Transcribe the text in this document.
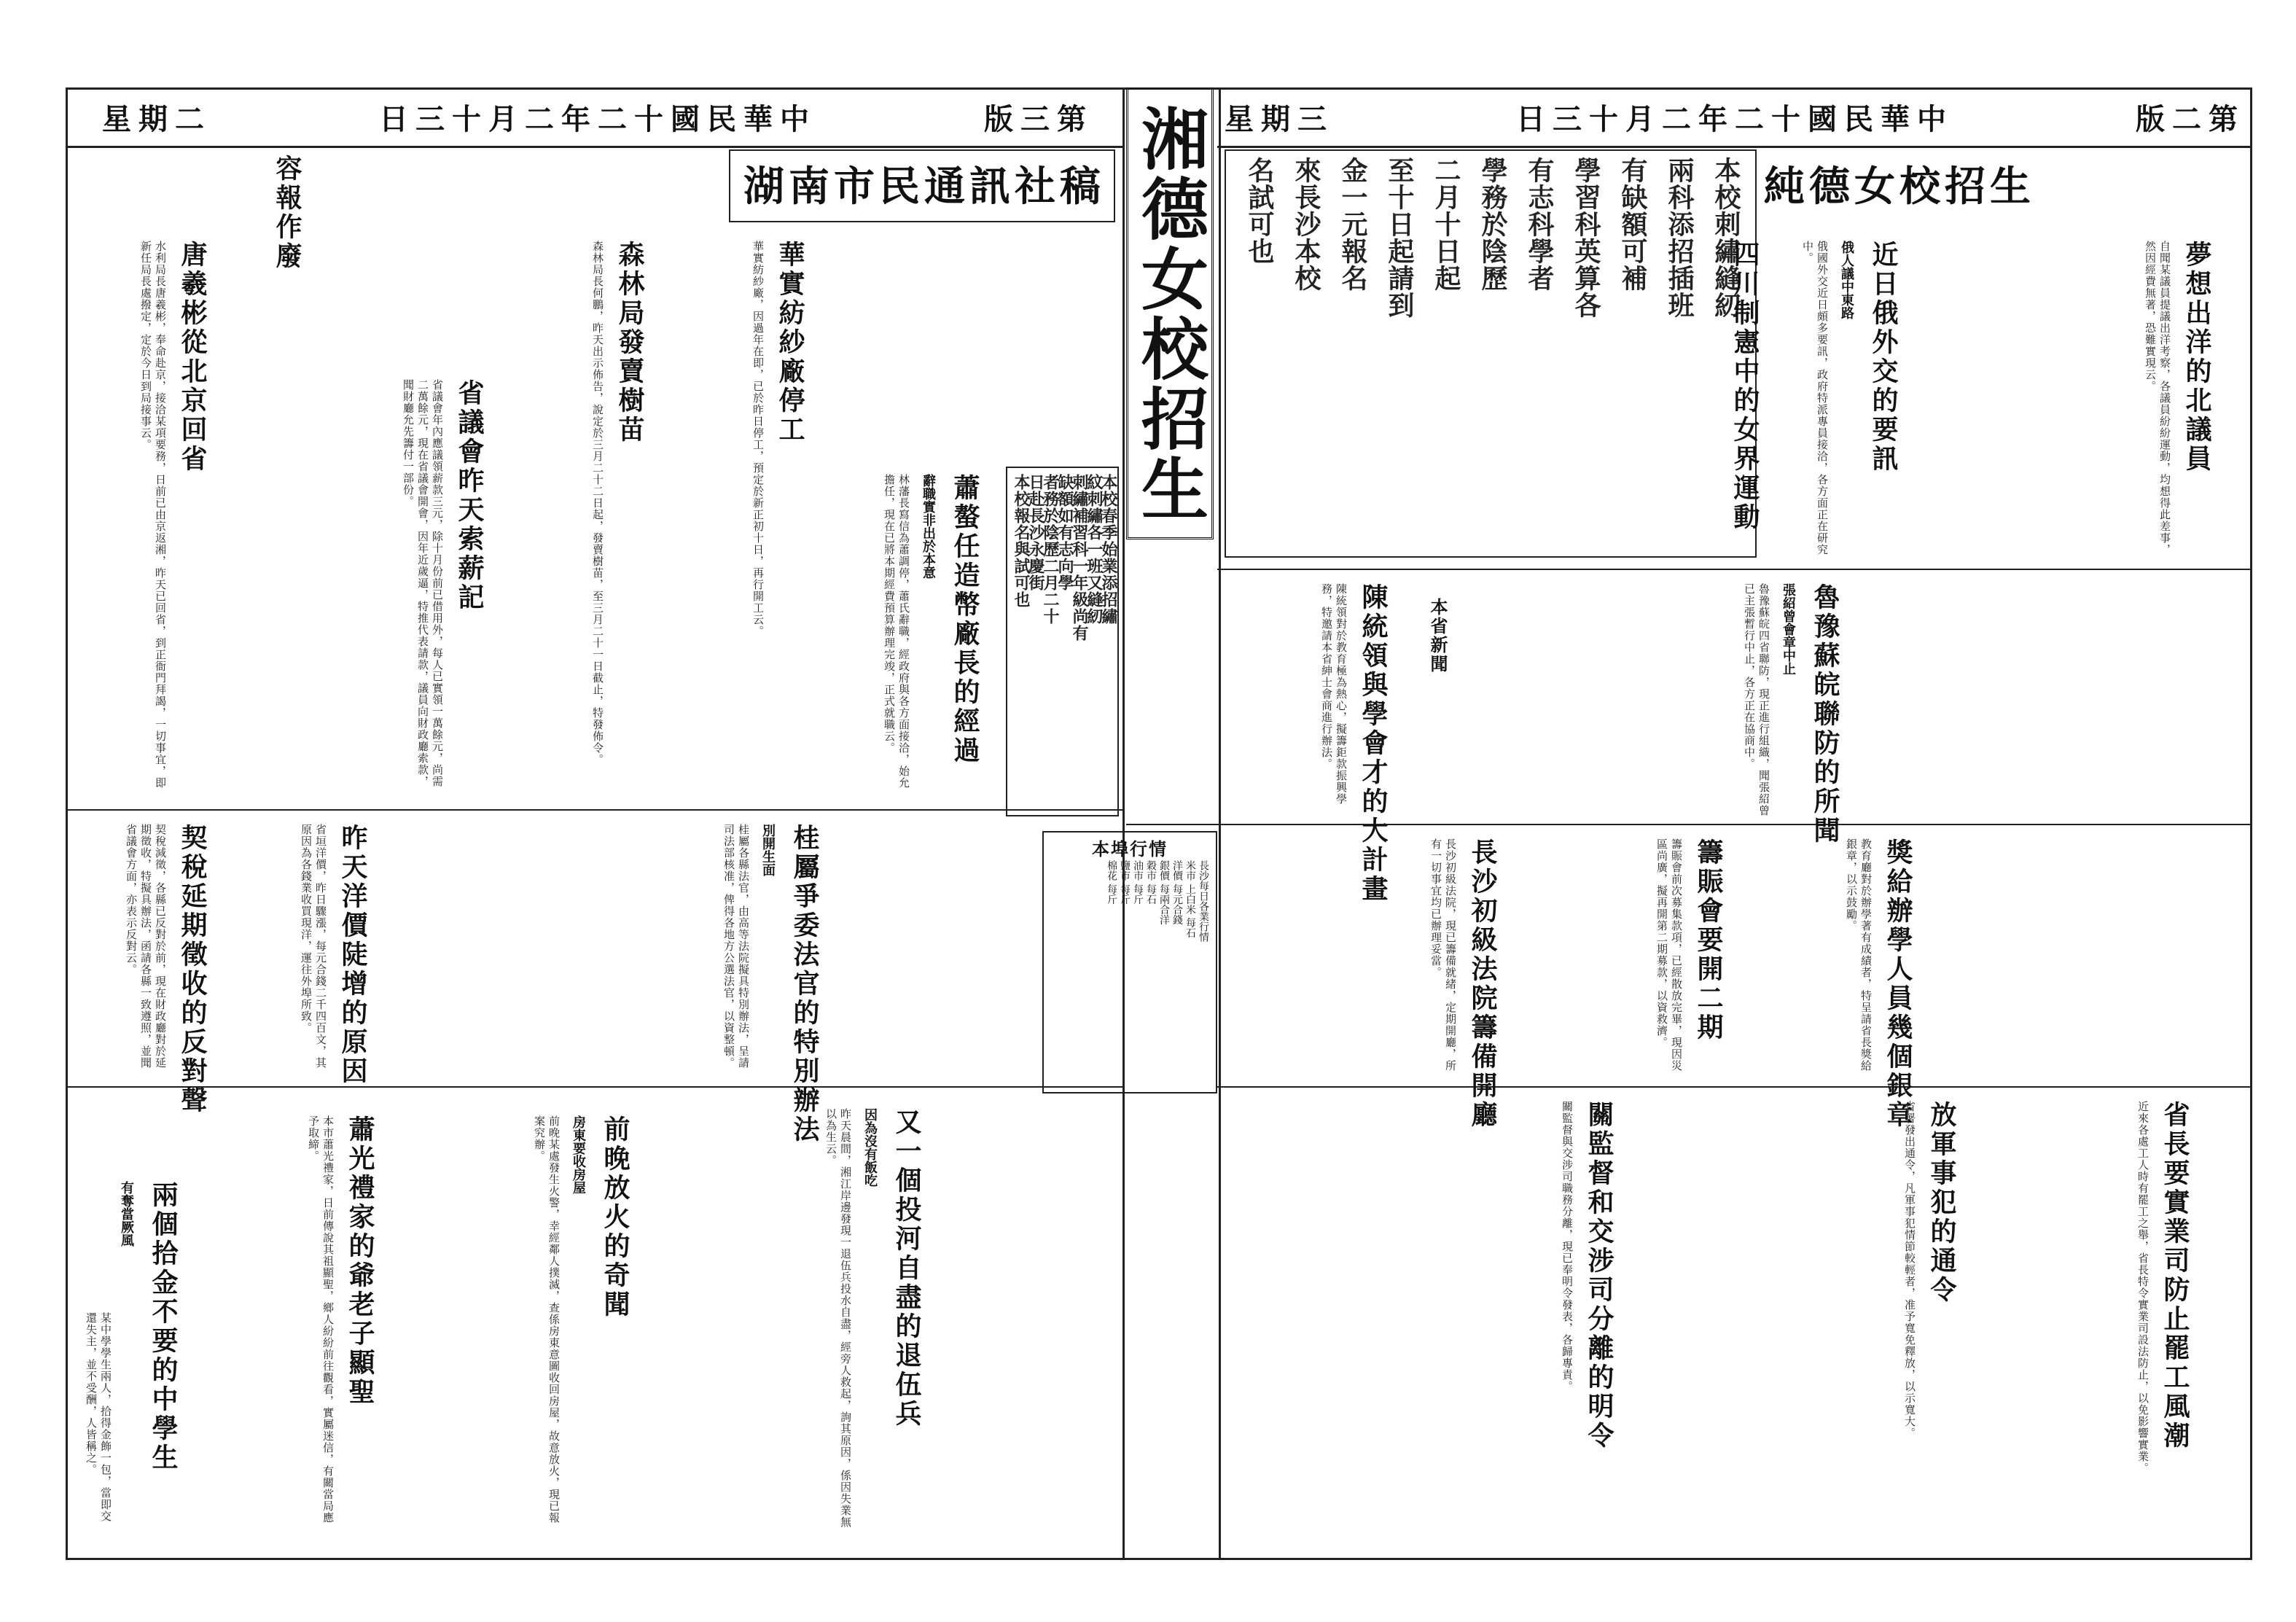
星期二	日三十月二年二十國民華中	版三第	星期三	日三十月二年二十國民華中	版二第
湘德女校招生
湖南市民通訊社稿
容報作廢
唐羲彬從北京回省
水利局長唐羲彬，奉命赴京，接洽某項要務，日前已由京返湘，昨天已回省，到正衙門拜謁，一切事宜，即新任局長處撥定，定於今日到局接事云。
省議會昨天索薪記
省議會年內應議領薪款三元，除十月份前已借用外，每人已實領一萬餘元，尚需二萬餘元，現在省議會開會，因年近歲逼，特推代表請款，議員向財政廳索款，聞財廳允先籌付一部份。	森林局發賣樹苗
森林局長何鵬，昨天出示佈告，說定於三月二十二日起，發賣樹苗，至三月二十一日截止，特發佈令。	華實紡紗廠停工
華實紡紗廠，因過年在即，已於昨日停工，預定於新正初十日，再行開工云。
契稅延期徵收的反對聲
契稅減徵，各縣已反對於前，現在財政廳對於延期徵收，特擬具辦法，函請各縣一致遵照，並聞省議會方面，亦表示反對云。
蕭螯任造幣廠長的經過
辭職實非出於本意
林藩長寫信為蕭調停，蕭氏辭職，經政府與各方面接洽，始允擔任，現在已將本期經費預算辦理完竣，正式就職云。
桂屬爭委法官的特別辦法
別開生面
桂屬各縣法官，由高等法院擬具特別辦法，呈請司法部核准，俾得各地方公選法官，以資整頓。
昨天洋價陡增的原因
省垣洋價，昨日驟漲，每元合錢二千四百文，其原因為各錢業收買現洋，運往外埠所致。
兩個拾金不要的中學生
有奪當厥風
某中學學生兩人，拾得金飾一包，當即交還失主，並不受酬，人皆稱之。	又一個投河自盡的退伍兵
因為沒有飯吃
昨天晨間，湘江岸邊發現一退伍兵投水自盡，經旁人救起，詢其原因，係因失業無以為生云。
前晚放火的奇聞
房東要收房屋
前晚某處發生火警，幸經鄰人撲滅，查係房東意圖收回房屋，故意放火，現已報案究辦。
蕭光禮家的爺老子顯聖
本市蕭光禮家，日前傳說其祖顯聖，鄉人紛紛前往觀看，實屬迷信，有關當局應予取締。
本校春季始業添招繡
紋刺繡各一班又縫紉
刺繡補習科一年級尚有
缺額如有志向學
者務於陰歷二月二十
日赴長沙永慶街
本校報名與試可也
本埠行情
長沙每日各業行情
米市 上白米 每石
洋價 每元合錢
銀價 每兩合洋
穀市 每石
油市 每斤
鹽市 每斤
棉花 每斤
純德女校招生
本校刺繡縫紉
兩科添招插班
有缺額可補
學習科英算各
有志科學者
學務於陰歷
二月十日起
至十日起請到
金一元報名
來長沙本校
名試可也
夢想出洋的北議員
自聞某議員提議出洋考察，各議員紛紛運動，均想得此差事，然因經費無著，恐難實現云。
近日俄外交的要訊
俄人議中東路
俄國外交近日頗多要訊，政府特派專員接洽，各方面正在研究中。
四川制憲中的女界運動
魯豫蘇皖聯防的所聞
張紹曾會章中止
魯豫蘇皖四省聯防，現正進行組織，聞張紹曾已主張暫行中止，各方正在協商中。
陳統領與學會才的大計畫
陳統領對於教育極為熱心，擬籌鉅款振興學務，特邀請本省紳士會商進行辦法。	本省新聞
籌賑會要開二期
籌賑會前次募集款項，已經散放完畢，現因災區尚廣，擬再開第二期募款，以資救濟。
長沙初級法院籌備開廳
長沙初級法院，現已籌備就緒，定期開廳，所有一切事宜均已辦理妥當。	獎給辦學人員幾個銀章
教育廳對於辦學著有成績者，特呈請省長獎給銀章，以示鼓勵。
關監督和交涉司分離的明令
關監督與交涉司職務分離，現已奉明令發表，各歸專責。	省長要實業司防止罷工風潮
近來各處工人時有罷工之舉，省長特令實業司設法防止，以免影響實業。
放軍事犯的通令
省署發出通令，凡軍事犯情節較輕者，准予寬免釋放，以示寬大。
